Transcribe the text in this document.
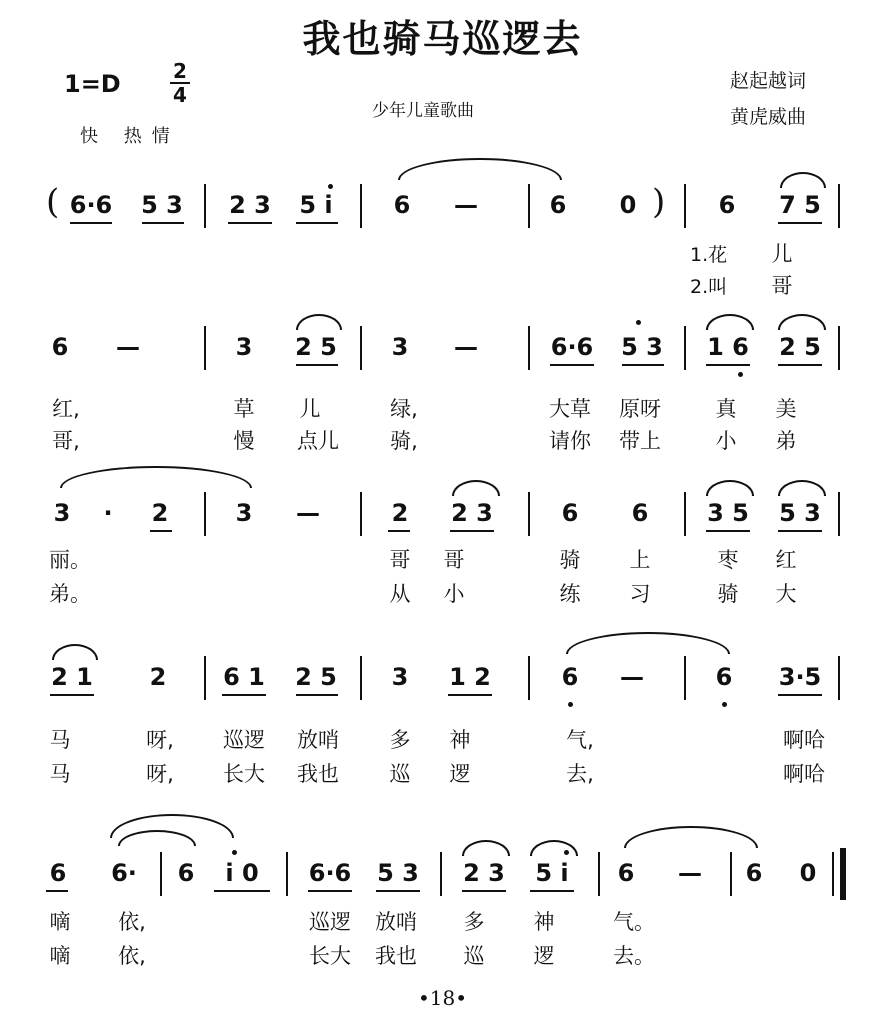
我也骑马巡逻去
1=D	2
4
快 热情
少年儿童歌曲
赵起越词
黄虎威曲
( 6·6 5 3 2 3 5 i	6 —	6 0 ) 6 7 5
1.花 儿
2.叫 哥
6 —	3 2 5 3 —	6·6 5 3 1 6 2 5
红,	草 儿	绿,	大草 原呀	真 美
哥,	慢 点儿 骑,	请你 带上	小 弟
3 · 2	3 —	2 2 3	6 6 3 5 5 3
丽。	哥 哥	骑 上	枣 红
弟。	从 小	练 习	骑 大
2 1 2 6 1 2 5 3 1 2	6 —	6 3·5
马	呀, 巡逻 放哨 多 神	气,	啊哈
马	呀, 长大 我也 巡 逻	去,	啊哈
6 6· 6 i 0 6·6 5 3 2 3 5 i 6 — 6 0
嘀 依,	巡逻 放哨 多 神	气。
嘀 依,	长大 我也 巡 逻	去。
•18•
